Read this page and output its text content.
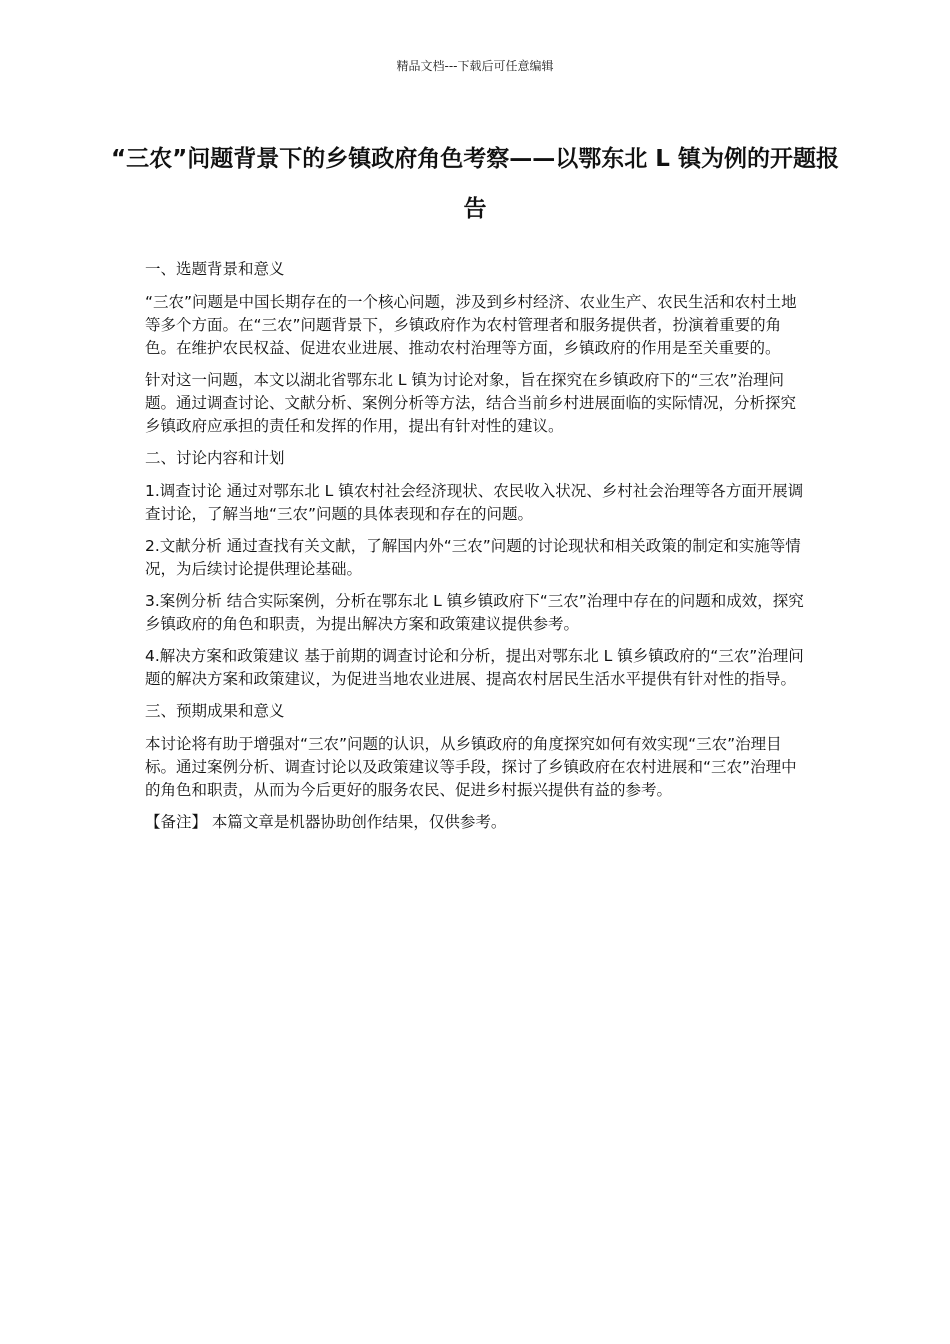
精品文档---下载后可任意编辑
“三农”问题背景下的乡镇政府角色考察——以鄂东北 L 镇为例的开题报告

一、选题背景和意义

“三农”问题是中国长期存在的一个核心问题，涉及到乡村经济、农业生产、农民生活和农村土地等多个方面。在“三农”问题背景下，乡镇政府作为农村管理者和服务提供者，扮演着重要的角色。在维护农民权益、促进农业进展、推动农村治理等方面，乡镇政府的作用是至关重要的。

针对这一问题，本文以湖北省鄂东北 L 镇为讨论对象，旨在探究在乡镇政府下的“三农”治理问题。通过调查讨论、文献分析、案例分析等方法，结合当前乡村进展面临的实际情况，分析探究乡镇政府应承担的责任和发挥的作用，提出有针对性的建议。

二、讨论内容和计划

1.调查讨论 通过对鄂东北 L 镇农村社会经济现状、农民收入状况、乡村社会治理等各方面开展调查讨论，了解当地“三农”问题的具体表现和存在的问题。

2.文献分析 通过查找有关文献，了解国内外“三农”问题的讨论现状和相关政策的制定和实施等情况，为后续讨论提供理论基础。

3.案例分析 结合实际案例，分析在鄂东北 L 镇乡镇政府下“三农”治理中存在的问题和成效，探究乡镇政府的角色和职责，为提出解决方案和政策建议提供参考。

4.解决方案和政策建议 基于前期的调查讨论和分析，提出对鄂东北 L 镇乡镇政府的“三农”治理问题的解决方案和政策建议，为促进当地农业进展、提高农村居民生活水平提供有针对性的指导。

三、预期成果和意义

本讨论将有助于增强对“三农”问题的认识，从乡镇政府的角度探究如何有效实现“三农”治理目标。通过案例分析、调查讨论以及政策建议等手段，探讨了乡镇政府在农村进展和“三农”治理中的角色和职责，从而为今后更好的服务农民、促进乡村振兴提供有益的参考。

【备注】 本篇文章是机器协助创作结果，仅供参考。
